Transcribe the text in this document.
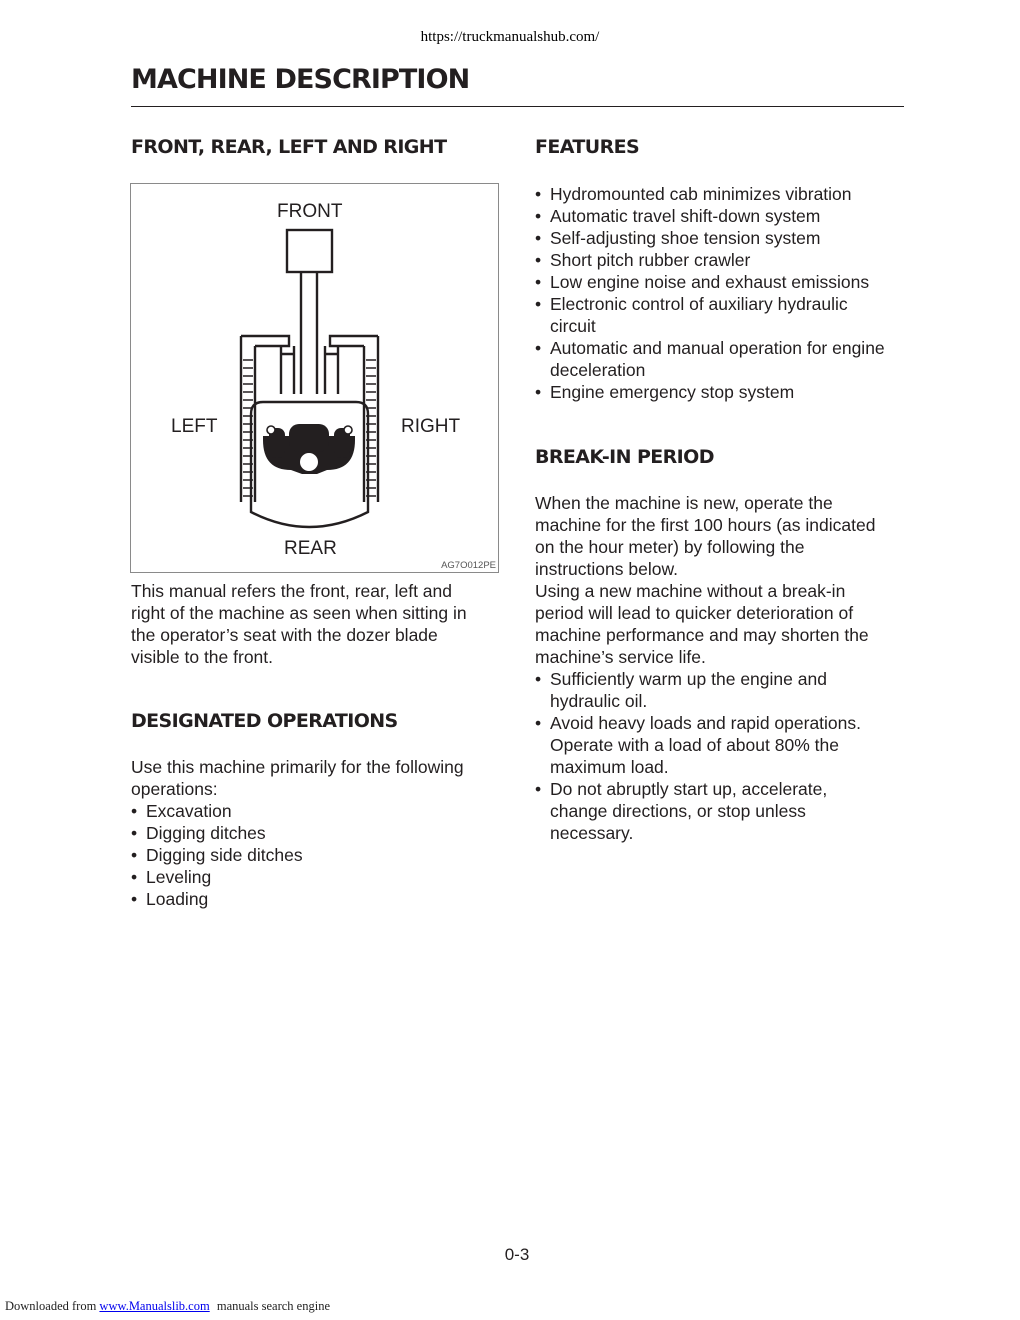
https://truckmanualshub.com/
MACHINE DESCRIPTION
FRONT, REAR, LEFT AND RIGHT
FRONT
LEFT	RIGHT
REAR
AG7O012PE

This manual refers the front, rear, left and
right of the machine as seen when sitting in
the operator’s seat with the dozer blade
visible to the front.

DESIGNATED OPERATIONS

Use this machine primarily for the following
operations:

• Excavation
• Digging ditches
• Digging side ditches
• Leveling
• Loading
FEATURES
• Hydromounted cab minimizes vibration
• Automatic travel shift-down system
• Self-adjusting shoe tension system
• Short pitch rubber crawler
• Low engine noise and exhaust emissions
• Electronic control of auxiliary hydraulic
circuit
• Automatic and manual operation for engine
deceleration
• Engine emergency stop system
BREAK-IN PERIOD

When the machine is new, operate the
machine for the first 100 hours (as indicated
on the hour meter) by following the
instructions below.
Using a new machine without a break-in
period will lead to quicker deterioration of
machine performance and may shorten the
machine’s service life.

• Sufficiently warm up the engine and
hydraulic oil.
• Avoid heavy loads and rapid operations.
Operate with a load of about 80% the
maximum load.
• Do not abruptly start up, accelerate,
change directions, or stop unless
necessary.
0-3
Downloaded from www.Manualslib.com manuals search engine
